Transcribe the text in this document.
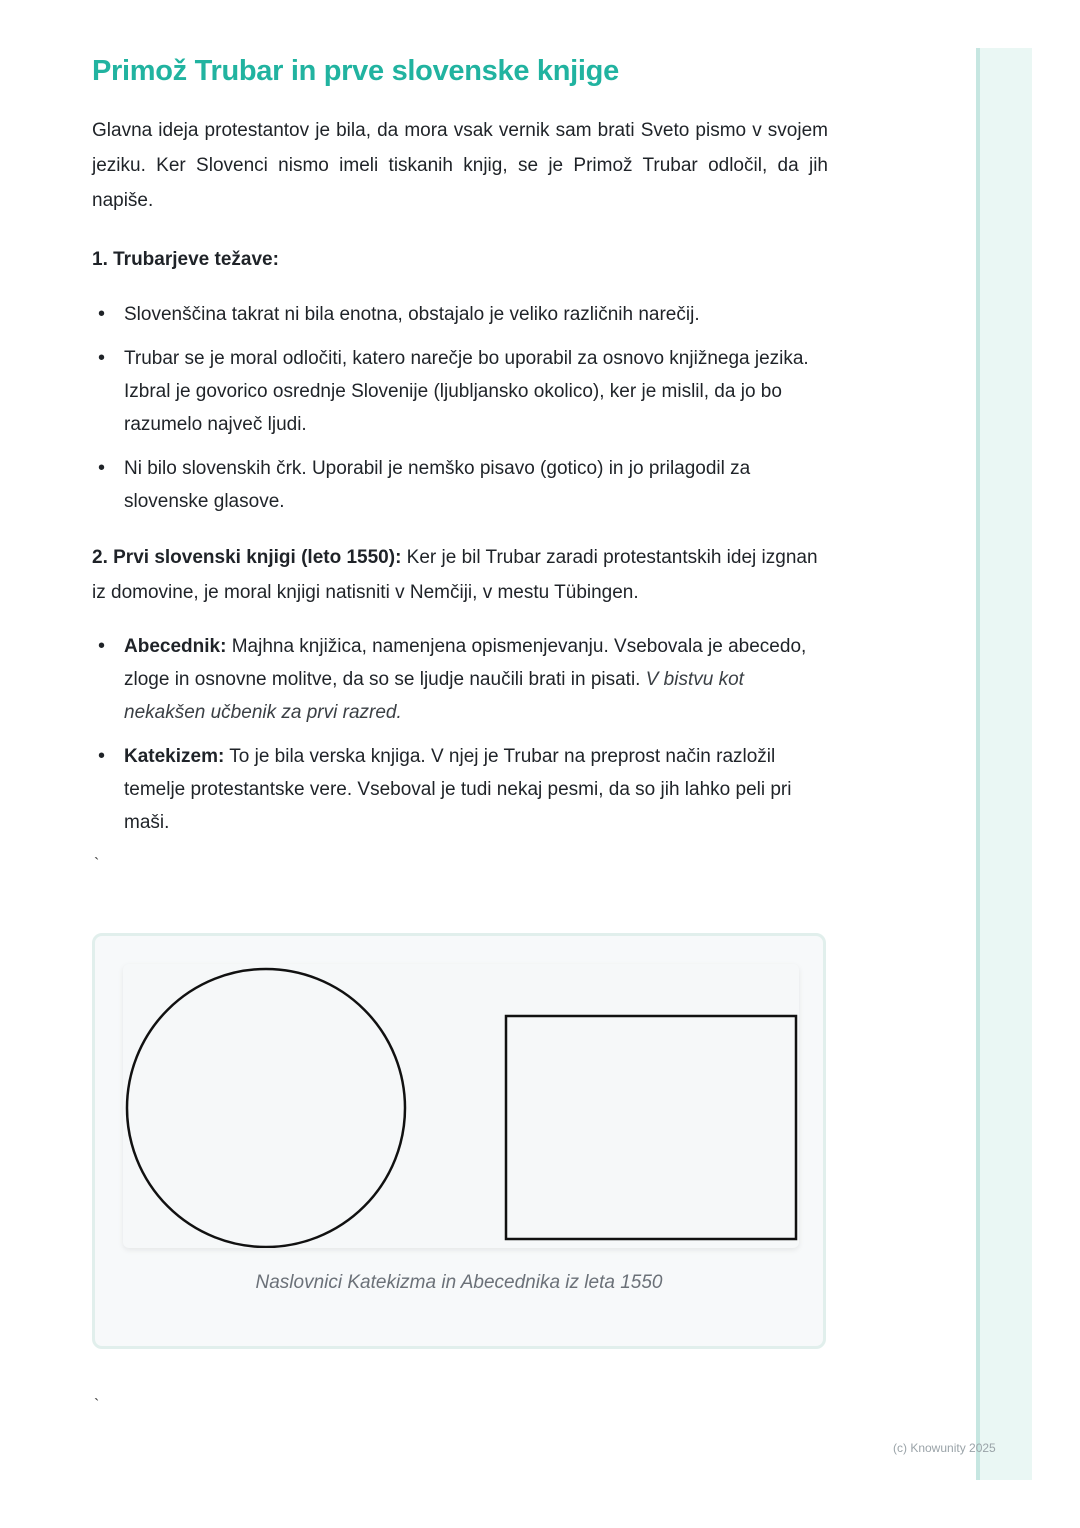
Primož Trubar in prve slovenske knjige

Glavna ideja protestantov je bila, da mora vsak vernik sam brati Sveto pismo v svojem jeziku. Ker Slovenci nismo imeli tiskanih knjig, se je Primož Trubar odločil, da jih napiše.

1. Trubarjeve težave:

• Slovenščina takrat ni bila enotna, obstajalo je veliko različnih narečij.
• Trubar se je moral odločiti, katero narečje bo uporabil za osnovo knjižnega jezika. Izbral je govorico osrednje Slovenije (ljubljansko okolico), ker je mislil, da jo bo razumelo največ ljudi.
• Ni bilo slovenskih črk. Uporabil je nemško pisavo (gotico) in jo prilagodil za slovenske glasove.

2. Prvi slovenski knjigi (leto 1550): Ker je bil Trubar zaradi protestantskih idej izgnan iz domovine, je moral knjigi natisniti v Nemčiji, v mestu Tübingen.

• Abecednik: Majhna knjižica, namenjena opismenjevanju. Vsebovala je abecedo, zloge in osnovne molitve, da so se ljudje naučili brati in pisati. V bistvu kot nekakšen učbenik za prvi razred.
• Katekizem: To je bila verska knjiga. V njej je Trubar na preprost način razložil temelje protestantske vere. Vseboval je tudi nekaj pesmi, da so jih lahko peli pri maši.
`
Naslovnici Katekizma in Abecednika iz leta 1550
`
(c) Knowunity 2025
